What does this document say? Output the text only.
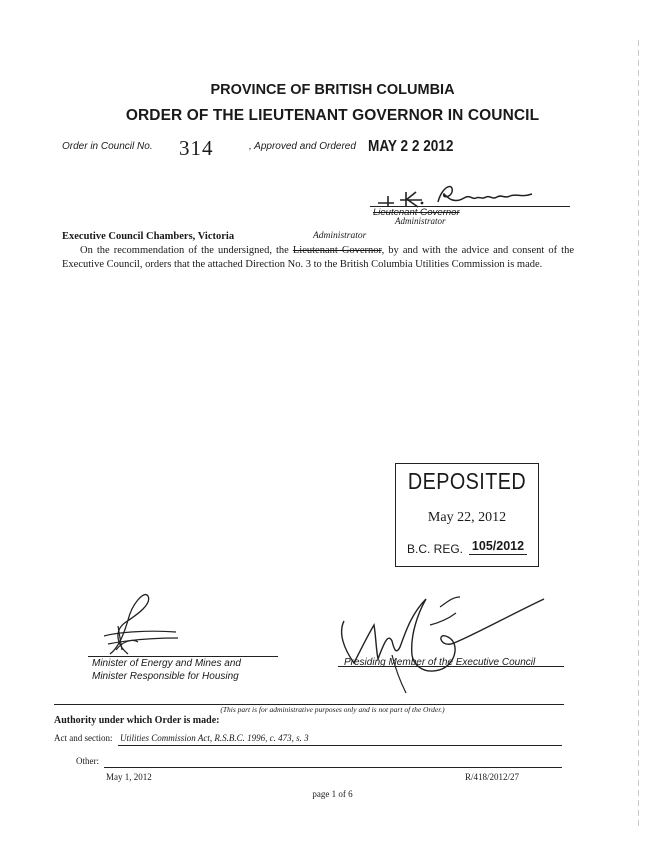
PROVINCE OF BRITISH COLUMBIA
ORDER OF THE LIEUTENANT GOVERNOR IN COUNCIL
Order in Council No. 314	, Approved and Ordered MAY 2 2 2012
Lieutenant Governor
Administrator
Executive Council Chambers, Victoria	Administrator
On the recommendation of the undersigned, the Lieutenant Governor, by and with the advice and consent of the Executive Council, orders that the attached Direction No. 3 to the British Columbia Utilities Commission is made.
DEPOSITED
May 22, 2012
B.C. REG. 105/2012
Minister of Energy and Mines and
Minister Responsible for Housing
Presiding Member of the Executive Council
(This part is for administrative purposes only and is not part of the Order.)
Authority under which Order is made:
Act and section: Utilities Commission Act, R.S.B.C. 1996, c. 473, s. 3
Other:
May 1, 2012	R/418/2012/27
page 1 of 6
